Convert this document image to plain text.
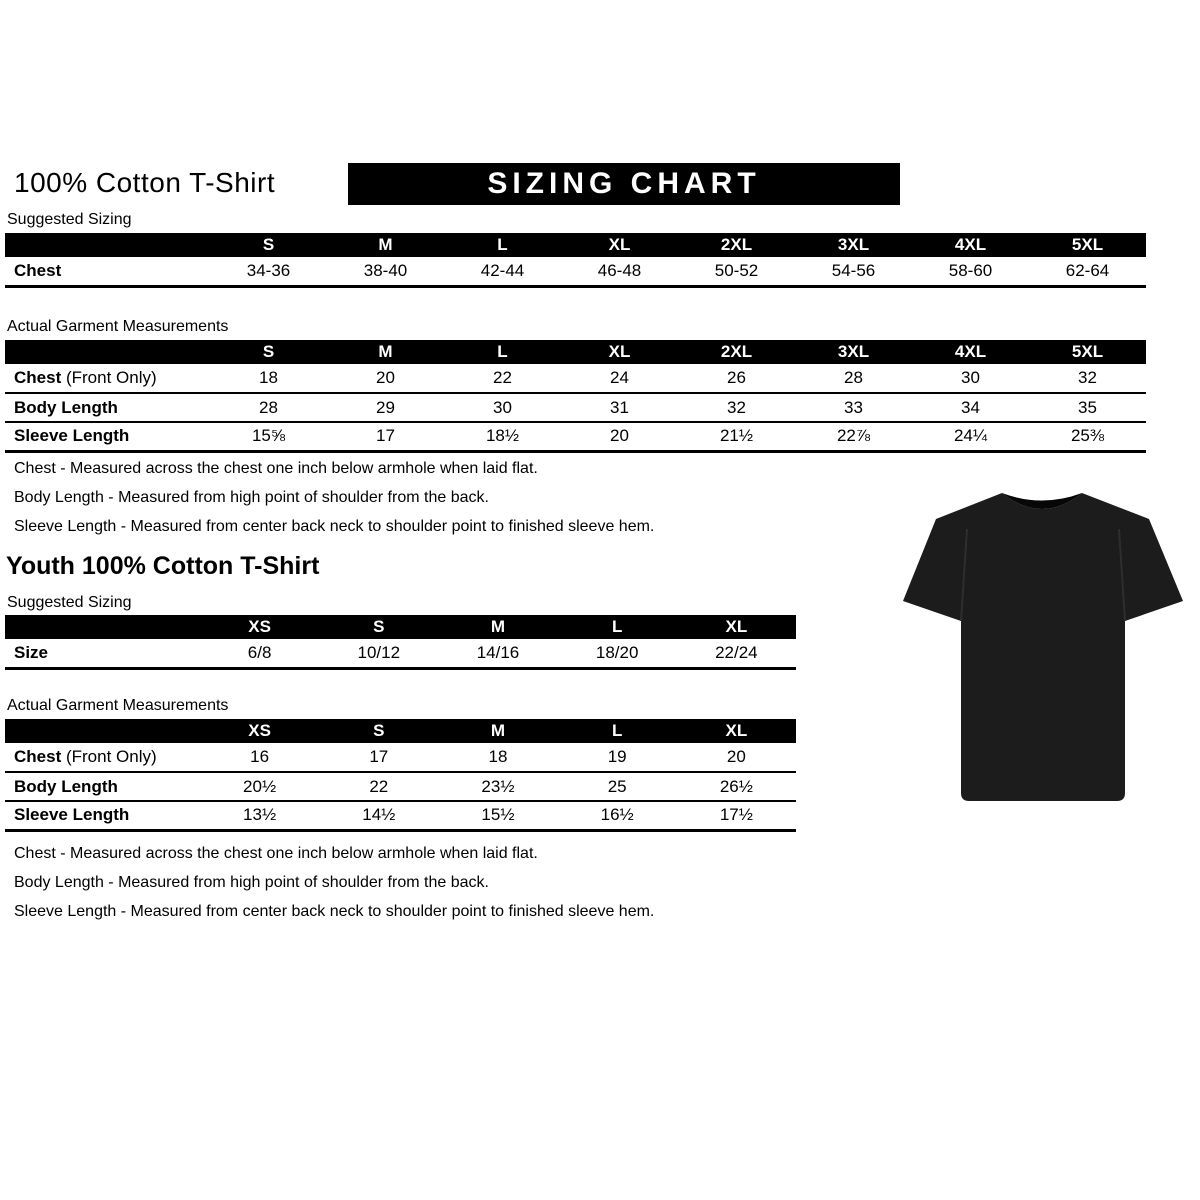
100% Cotton T-Shirt	SIZING CHART
Suggested Sizing
	S	M	L	XL	2XL	3XL	4XL	5XL
Chest	34-36	38-40	42-44	46-48	50-52	54-56	58-60	62-64
Actual Garment Measurements
	S	M	L	XL	2XL	3XL	4XL	5XL
Chest (Front Only)	18	20	22	24	26	28	30	32
Body Length	28	29	30	31	32	33	34	35
Sleeve Length	15⅝	17	18½	20	21½	22⅞	24¼	25⅜

Chest - Measured across the chest one inch below armhole when laid flat.

Body Length - Measured from high point of shoulder from the back.

Sleeve Length - Measured from center back neck to shoulder point to finished sleeve hem.

Youth 100% Cotton T-Shirt
Suggested Sizing
	XS	S	M	L	XL
Size	6/8	10/12	14/16	18/20	22/24
Actual Garment Measurements
	XS	S	M	L	XL
Chest (Front Only)	16	17	18	19	20
Body Length	20½	22	23½	25	26½
Sleeve Length	13½	14½	15½	16½	17½

Chest - Measured across the chest one inch below armhole when laid flat.

Body Length - Measured from high point of shoulder from the back.

Sleeve Length - Measured from center back neck to shoulder point to finished sleeve hem.
